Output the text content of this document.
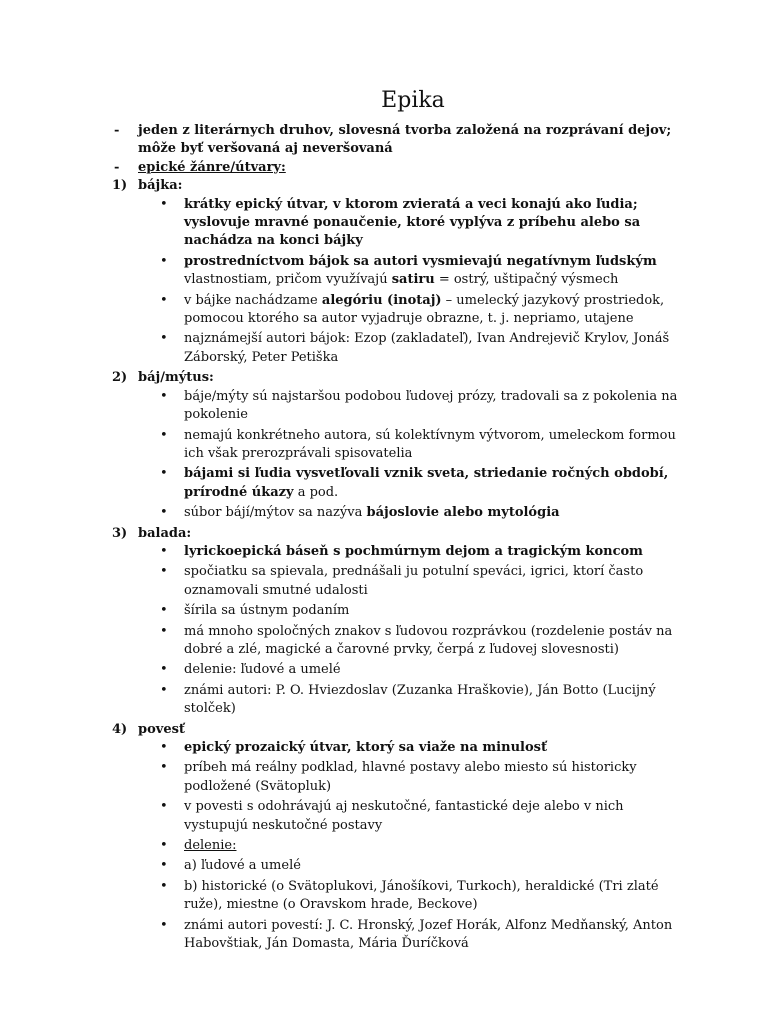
Epika
- jeden z literárnych druhov, slovesná tvorba založená na rozprávaní dejov; môže byť veršovaná aj neveršovaná
- epické žánre/útvary:
1) bájka:
• krátky epický útvar, v ktorom zvieratá a veci konajú ako ľudia; vyslovuje mravné ponaučenie, ktoré vyplýva z príbehu alebo sa nachádza na konci bájky
• prostredníctvom bájok sa autori vysmievajú negatívnym ľudským vlastnostiam, pričom využívajú satiru = ostrý, uštipačný výsmech
• v bájke nachádzame alegóriu (inotaj) – umelecký jazykový prostriedok, pomocou ktorého sa autor vyjadruje obrazne, t. j. nepriamo, utajene
• najznámejší autori bájok: Ezop (zakladateľ), Ivan Andrejevič Krylov, Jonáš Záborský, Peter Petiška
2) báj/mýtus:
• báje/mýty sú najstaršou podobou ľudovej prózy, tradovali sa z pokolenia na pokolenie
• nemajú konkrétneho autora, sú kolektívnym výtvorom, umeleckom formou ich však prerozprávali spisovatelia
• bájami si ľudia vysvetľovali vznik sveta, striedanie ročných období, prírodné úkazy a pod.
• súbor bájí/mýtov sa nazýva bájoslovie alebo mytológia
3) balada:
• lyrickoepická báseň s pochmúrnym dejom a tragickým koncom
• spočiatku sa spievala, prednášali ju potulní speváci, igrici, ktorí často oznamovali smutné udalosti
• šírila sa ústnym podaním
• má mnoho spoločných znakov s ľudovou rozprávkou (rozdelenie postáv na dobré a zlé, magické a čarovné prvky, čerpá z ľudovej slovesnosti)
• delenie: ľudové a umelé
• známi autori: P. O. Hviezdoslav (Zuzanka Hraškovie), Ján Botto (Lucijný stolček)
4) povesť
• epický prozaický útvar, ktorý sa viaže na minulosť
• príbeh má reálny podklad, hlavné postavy alebo miesto sú historicky podložené (Svätopluk)
• v povesti s odohrávajú aj neskutočné, fantastické deje alebo v nich vystupujú neskutočné postavy
• delenie:
• a) ľudové a umelé
• b) historické (o Svätoplukovi, Jánošíkovi, Turkoch), heraldické (Tri zlaté ruže), miestne (o Oravskom hrade, Beckove)
• známi autori povestí: J. C. Hronský, Jozef Horák, Alfonz Medňanský, Anton Habovštiak, Ján Domasta, Mária Ďuríčková
